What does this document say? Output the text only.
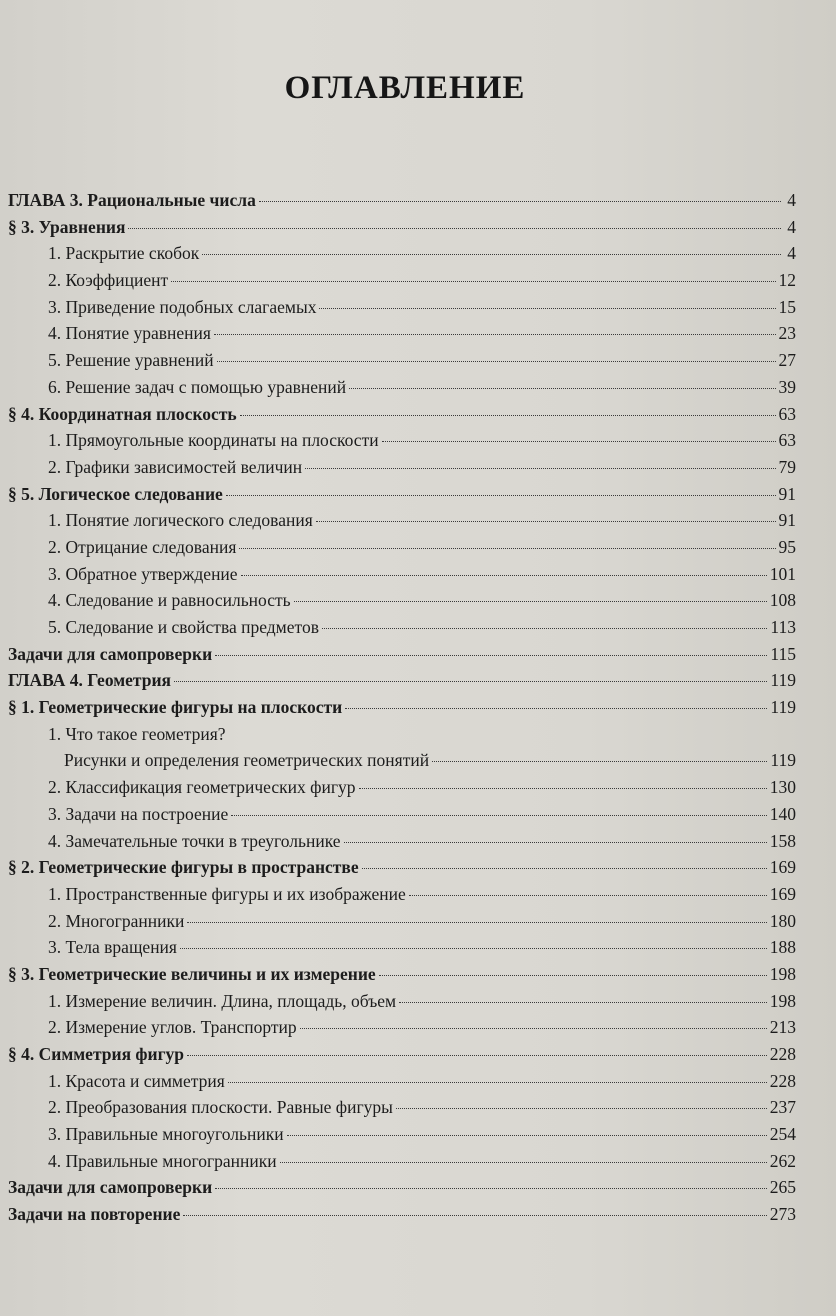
ОГЛАВЛЕНИЕ
ГЛАВА 3. Рациональные числа	4
§ 3. Уравнения	4
1. Раскрытие скобок	4
2. Коэффициент	12
3. Приведение подобных слагаемых	15
4. Понятие уравнения	23
5. Решение уравнений	27
6. Решение задач с помощью уравнений	39
§ 4. Координатная плоскость	63
1. Прямоугольные координаты на плоскости	63
2. Графики зависимостей величин	79
§ 5. Логическое следование	91
1. Понятие логического следования	91
2. Отрицание следования	95
3. Обратное утверждение	101
4. Следование и равносильность	108
5. Следование и свойства предметов	113
Задачи для самопроверки	115
ГЛАВА 4. Геометрия	119
§ 1. Геометрические фигуры на плоскости	119
1. Что такое геометрия?
Рисунки и определения геометрических понятий	119
2. Классификация геометрических фигур	130
3. Задачи на построение	140
4. Замечательные точки в треугольнике	158
§ 2. Геометрические фигуры в пространстве	169
1. Пространственные фигуры и их изображение	169
2. Многогранники	180
3. Тела вращения	188
§ 3. Геометрические величины и их измерение	198
1. Измерение величин. Длина, площадь, объем	198
2. Измерение углов. Транспортир	213
§ 4. Симметрия фигур	228
1. Красота и симметрия	228
2. Преобразования плоскости. Равные фигуры	237
3. Правильные многоугольники	254
4. Правильные многогранники	262
Задачи для самопроверки	265
Задачи на повторение	273
